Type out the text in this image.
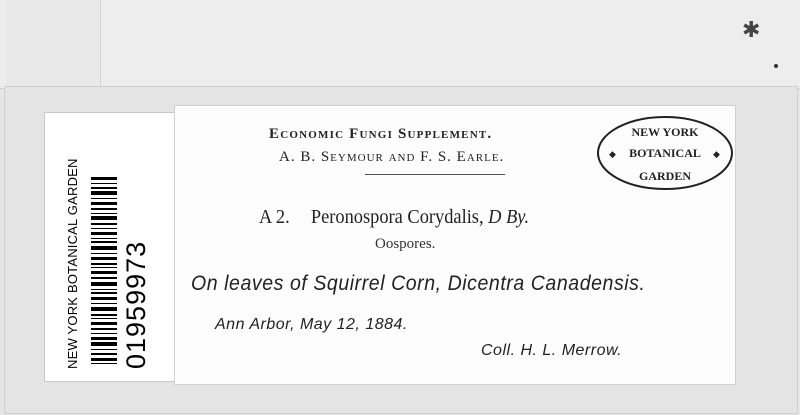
✱
NEW YORK BOTANICAL GARDEN 01959973
Economic Fungi Supplement.
A. B. Seymour and F. S. Earle.
A 2. Peronospora Corydalis, D By.
Oospores.
On leaves of Squirrel Corn, Dicentra Canadensis.
Ann Arbor, May 12, 1884.
Coll. H. L. Merrow.
NEW YORK
BOTANICAL
GARDEN
◆	◆
